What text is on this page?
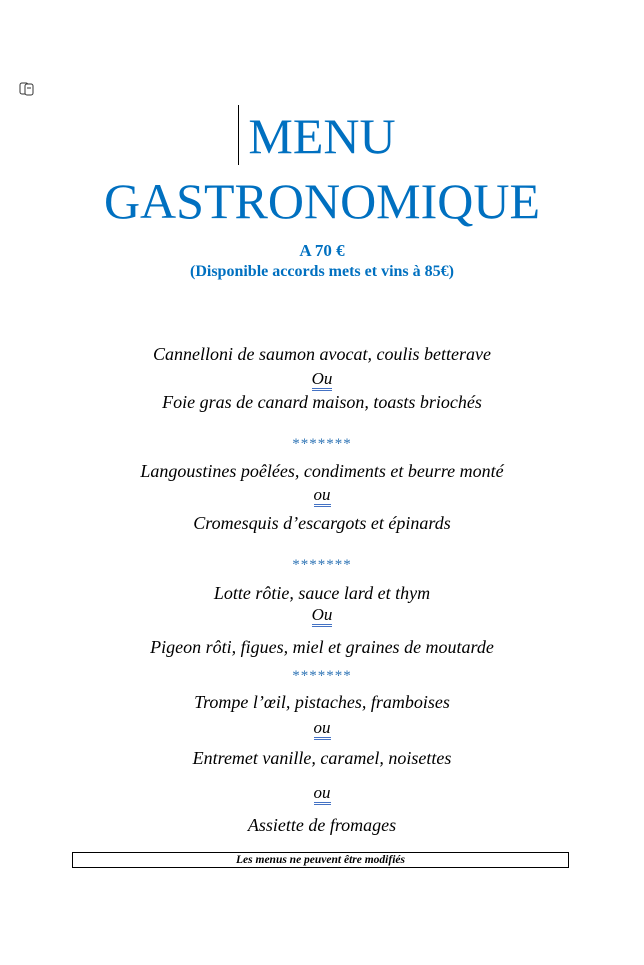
MENU
GASTRONOMIQUE
A 70 €
(Disponible accords mets et vins à 85€)
Cannelloni de saumon avocat, coulis betterave
Ou
Foie gras de canard maison, toasts briochés
*******
Langoustines poêlées, condiments et beurre monté
ou
Cromesquis d’escargots et épinards
*******
Lotte rôtie, sauce lard et thym
Ou
Pigeon rôti, figues, miel et graines de moutarde
*******
Trompe l’œil, pistaches, framboises
ou
Entremet vanille, caramel, noisettes
ou
Assiette de fromages
Les menus ne peuvent être modifiés
